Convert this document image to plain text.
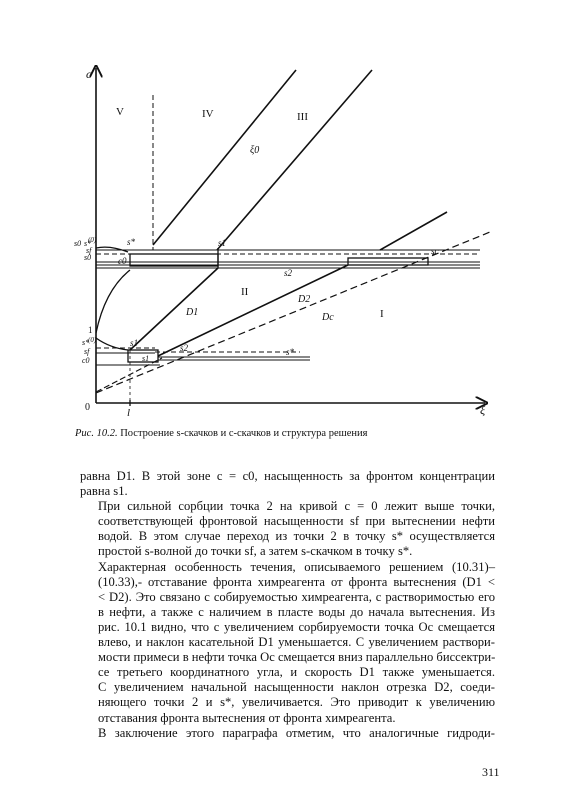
c
ξ
0	l
V	IV	III
II
I
ξ0
D1
D2
Dc
s*	s1
c0
s2
sc
s1
s1
s2	s*
s0 s*
(0)
sf
s0
1
s*
(0)
sf
c0
Рис. 10.2. Построение s-скачков и c-скачков и структура решения

равна D1. В этой зоне c = c0, насыщенность за фронтом концентрации
равна s1.

При сильной сорбции точка 2 на кривой c = 0 лежит выше точки,
соответствующей фронтовой насыщенности sf при вытеснении нефти
водой. В этом случае переход из точки 2 в точку s* осуществляется
простой s-волной до точки sf, а затем s-скачком в точку s*.

Характерная особенность течения, описываемого решением (10.31)–
(10.33),- отставание фронта химреагента от фронта вытеснения (D1 <
< D2). Это связано с собируемостью химреагента, с растворимостью его
в нефти, а также с наличием в пласте воды до начала вытеснения. Из
рис. 10.1 видно, что с увеличением сорбируемости точка Oc смещается
влево, и наклон касательной D1 уменьшается. С увеличением раствори-
мости примеси в нефти точка Oc смещается вниз параллельно биссектри-
се третьего координатного угла, и скорость D1 также уменьшается.
С увеличением начальной насыщенности наклон отрезка D2, соеди-
няющего точки 2 и s*, увеличивается. Это приводит к увеличению
отставания фронта вытеснения от фронта химреагента.

В заключение этого параграфа отметим, что аналогичные гидроди-

311
